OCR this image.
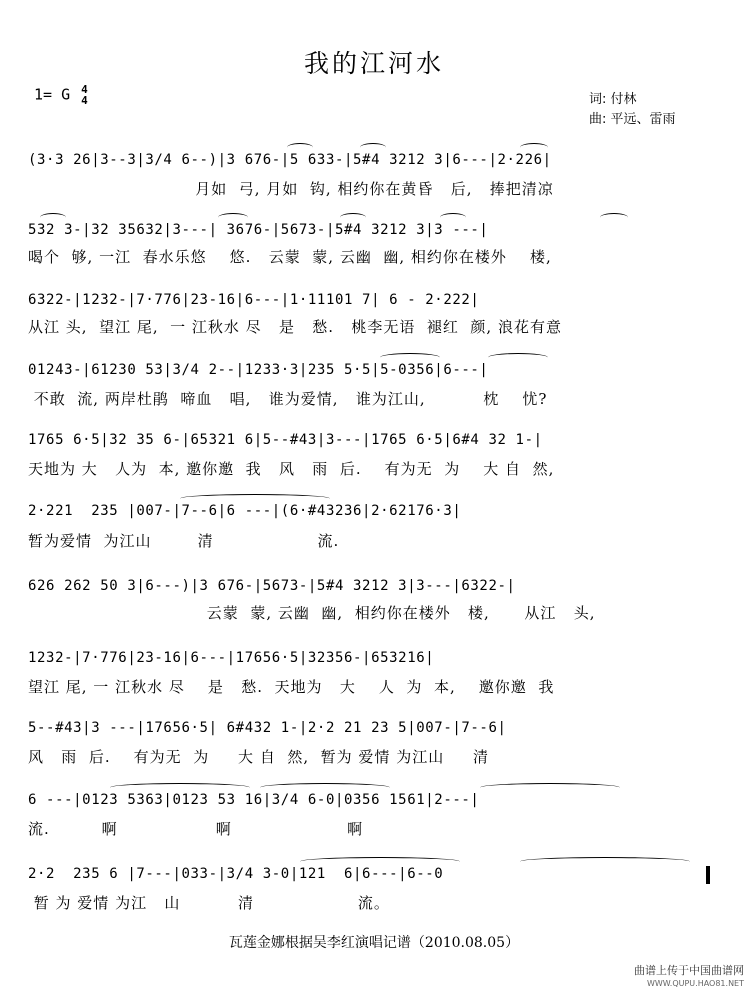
我的江河水
1= G 4
4	词: 付林
曲: 平远、雷雨
(3·3 26|3--3|3/4 6--)|3 676-|5 633-|5#4 3212 3|6---|2·226|
月如  弓, 月如  钩, 相约你在黄昏   后,   捧把清凉
532 3-|32 35632|3---| 3676-|5673-|5#4 3212 3|3 ---|
喝个  够, 一江  春水乐悠    悠.   云蒙  蒙, 云幽  幽, 相约你在楼外    楼,
6322-|1232-|7·776|23-16|6---|1·11101 7| 6 - 2·222|
从江 头,  望江 尾,  一 江秋水 尽   是   愁.   桃李无语  褪红  颜, 浪花有意
01243-|61230 53|3/4 2--|1233·3|235 5·5|5-0356|6---|
不敢  流, 两岸杜鹃  啼血   唱,   谁为爱情,   谁为江山,          枕    忧?
1765 6·5|32 35 6-|65321 6|5--#43|3---|1765 6·5|6#4 32 1-|
天地为 大   人为  本, 邀你邀  我   风   雨  后.    有为无  为    大 自  然,
2·221  235 |007-|7--6|6 ---|(6·#43236|2·62176·3|
暂为爱情  为江山        清                  流.
626 262 50 3|6---)|3 676-|5673-|5#4 3212 3|3---|6322-|
云蒙  蒙, 云幽  幽,  相约你在楼外   楼,      从江   头,
1232-|7·776|23-16|6---|17656·5|32356-|653216|
望江 尾, 一 江秋水 尽    是   愁.  天地为   大    人  为  本,    邀你邀  我
5--#43|3 ---|17656·5| 6#432 1-|2·2 21 23 5|007-|7--6|
风   雨  后.    有为无  为     大 自  然,  暂为 爱情 为江山     清
6 ---|0123 5363|0123 53 16|3/4 6-0|0356 1561|2---|
流.         啊                 啊                    啊
2·2  235 6 |7---|033-|3/4 3-0|121  6|6---|6--0
暂 为 爱情 为江   山          清                  流。
瓦莲金娜根据吴李红演唱记谱（2010.08.05）
曲谱上传于中国曲谱网
WWW.QUPU.HAO81.NET
